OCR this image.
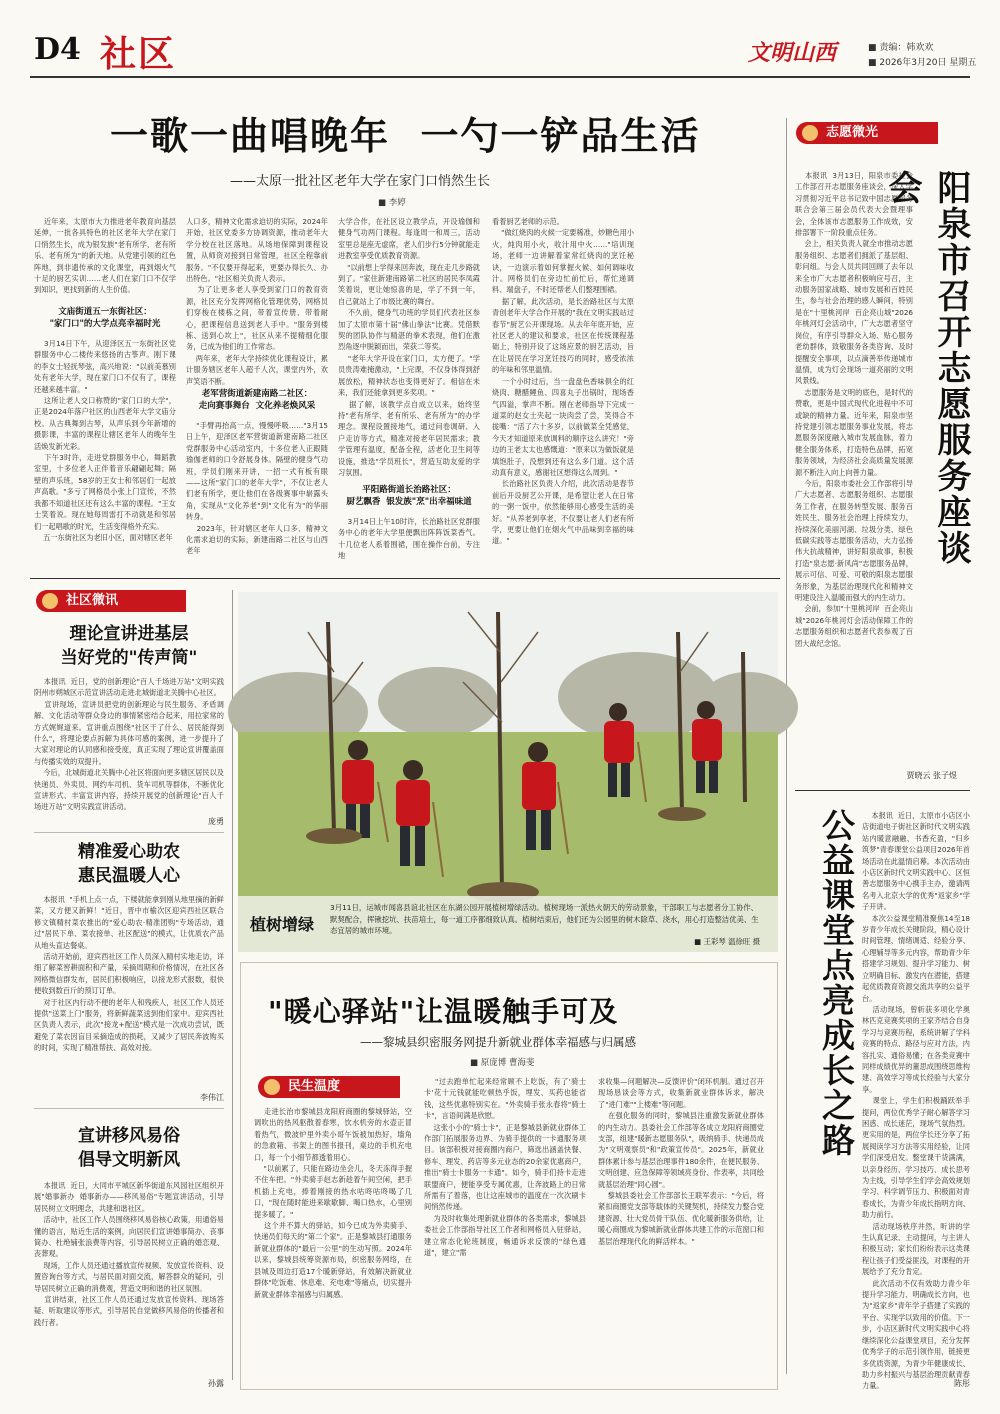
D4 社区	文明山西	■ 责编：韩欢欢
■ 2026年3月20日 星期五
一歌一曲唱晚年  一勺一铲品生活
——太原一批社区老年大学在家门口悄然生长
■ 李婷
近年来，太原市大力推进老年教育向基层延伸，一批各具特色的社区老年大学在家门口悄然生长，成为银发族"老有所学、老有所乐、老有所为"的新天地。从党建引领的红色阵地，到非遗传承的文化课堂，再到烟火气十足的厨艺实训……老人们在家门口不仅学到知识，更找到新的人生价值。
文庙街道五一东街社区：
"家门口"的大学点亮幸福时光
3月14日下午，从迎泽区五一东街社区党群服务中心二楼传来悠扬的古筝声。刚下课的李女士轻抚琴弦，高兴地说："以前美慕别处有老年大学，现在家门口不仅有了，课程还越来越丰富。"
这所让老人交口称赞的"家门口的大学"，正是2024年落户社区的山西老年大学文庙分校。从古典舞到古琴，从声乐到今年新增的摄影课，丰富的课程让辖区老年人的晚年生活焕发新光彩。
下午3时许，走进党群服务中心，舞蹈教室里，十多位老人正伴着音乐翩翩起舞；隔壁的声乐班，58岁的王女士和邻居们一起放声高歌。"多亏了网格员小张上门宣传，不然我都不知道社区还有这么丰富的课程。"王女士笑着说。现在她每周雷打不动就是和邻居们一起唱歌的时光，生活变得格外充实。
五一东街社区为老旧小区，面对辖区老年
人口多，精神文化需求迫切的实际，2024年开始，社区党委多方协调资源，推动老年大学分校在社区落地。从场地保障到课程设置，从师资对接到日常管理，社区全程靠前服务。"不仅要开得起来，更要办得长久、办出特色。"社区相关负责人表示。
为了让更多老人享受到家门口的教育资源，社区充分发挥网格化管理优势，网格员们穿梭在楼栋之间，带着宣传册、带着耐心，把课程信息送到老人手中。"服务到楼栋、送到心坎上"，社区从来不提精细化服务，已成为他们的工作常态。
两年来，老年大学持续优化课程设计，累计服务辖区老年人超千人次，课堂内外，欢声笑语不断。
老军营街道新建南路二社区：
走向赛事舞台  文化养老焕风采
"手臂再抬高一点，慢慢呼吸……"3月15日上午，迎泽区老军营街道新建南路二社区党群服务中心活动室内，十多位老人正跟随瑜伽老师的口令舒展身体。隔壁的健身气功班，学员们刚来开讲，一招一式有板有眼——这所"家门口的老年大学"，不仅让老人们老有所学，更让他们在各级赛事中崭露头角，实现从"文化养老"到"文化有为"的华丽转身。
2023年，针对辖区老年人口多、精神文化需求迫切的实际，新建南路二社区与山西老年
大学合作，在社区设立教学点，开设瑜伽和健身气功两门课程。每逢周一和周三，活动室里总是座无虚席，老人们步行5分钟就能走进教室享受优质教育资源。
"以前想上学得来回奔波，现在走几步路就到了。"家住新建南路第二社区的居民李凤霞笑着说，更让她惊喜的是，学了不到一年，自己就站上了市级比赛的舞台。
不久前，健身气功班的学员们代表社区参加了太原市第十届"佛山拳法"比赛。凭借默契的团队协作与精湛的拳术表现，他们在激烈角逐中脱颖而出，荣获二等奖。
"老年大学开设在家门口，太方便了。"学员贵涛难掩激动，"上完课，不仅身体得到舒展放松，精神状态也变得更好了。相信在未来，我们还能拿到更多奖项。"
据了解，该教学点自成立以来，始终坚持"老有所学、老有所乐、老有所为"的办学理念。课程设置接地气，通过问卷调研、入户走访等方式，精准对接老年居民需求；教学管理有温度，配备全程，活老化卫生间等设施，推选"学员班长"，营造互助友爱的学习氛围。
平阳路街道长治路社区：
厨艺飘香  银发族"烹"出幸福味道
3月14日上午10时许，长治路社区党群服务中心的老年大学里便飘出阵阵饭菜香气。十几位老人系着围裙，围在操作台前，专注地
看着厨艺老师的示范。
"做红烧肉的火候一定要稀准，炒糖色用小火，炖肉用小火，收汁用中火……"培训现场，老师一边讲解着家常红烧肉的烹饪秘诀，一边演示着如何掌握火候、如何调味收汁。网格员们在旁边忙前忙后，帮忙递调料、端盘子，不时还帮老人们整理围裙。
据了解，此次活动，是长治路社区与太原青创老年大学合作开展的"我在文明实践站过春节"厨艺公开课现场。从去年年底开始，应社区老人的建议和要求，社区在传统课程基础上，特别开设了这场应景的厨艺活动，旨在让居民在学习烹饪技巧的同时，感受浓浓的年味和邻里温情。
一个小时过后，当一盘盘色香味俱全的红烧肉、糖醋鲤鱼、四喜丸子出锅时，现场香气四溢，掌声不断。刚在老师指导下完成一道菜的赵女士夹起一块肉尝了尝，笑得合不拢嘴："活了六十多岁，以前做菜全凭感觉，今天才知道原来放调料的顺序这么讲究！"旁边的王老太太也感慨道："原来以为做饭就是填饱肚子，没想到还有这么多门道。这个活动真有意义，感谢社区想得这么周到。"
长治路社区负责人介绍，此次活动是春节前后开设厨艺公开课，是希望让老人在日常的一粥一饭中，依然能够用心感受生活的美好。"从养老到享老，不仅要让老人们老有所学，更要让他们在烟火气中品味到幸福的味道。"
志愿微光
本报讯  3月13日，阳泉市委社会工作部召开志愿服务座谈会，深入学习贯彻习近平总书记致中国志愿服务联合会第三届会员代表大会暨理事会，全体该市志愿服务工作成效，安排部署下一阶段重点任务。
会上，相关负责人就全市推动志愿服务组织、志愿者们拥派了基层组、彰问组。与会人员共同回顾了去年以来全市广大志愿者积极响应号召，主动服务国家战略、城市发展和百姓民生，参与社会治理的感人瞬间，特别是在"十里桃河岸  百企亮山城"2026年桃河灯会活动中，广大志愿者坚守岗位，有序引导群众入场、贴心服务老幼群体，致敬服务各类咨询、及时提醒安全事项，以点滴善举传递城市温情，成为灯会现场一道亮丽的文明风景线。
志愿服务是文明的底色，是时代的赞歌，更是中国式现代化进程中不可或缺的精神力量。近年来，阳泉市坚持党建引领志愿服务事业发展，将志愿服务深度融入城市发展血脉，着力健全服务体系，打造特色品牌，拓宽服务领域，为经济社会高质量发展源源不断注入向上向善力量。
今后，阳泉市委社会工作部将引导广大志愿者、志愿服务组织、志愿服务工作者，在服务转型发展、服务百姓民生、服务社会治理上持续发力，持续深化美丽河湖、垃圾分类、绿色低碳实践等志愿服务活动，大力弘扬伟大抗战精神，讲好阳泉故事，积极打造"泉志愿·新风尚"志愿服务品牌，展示可信、可爱、可敬的阳泉志愿服务形象，为基层治理现代化和精神文明建设注入温暖而强大的内生动力。
会前，参加"十里桃河岸  百企亮山城"2026年桃河灯会活动保障工作的志愿服务组织和志愿者代表参观了百团大战纪念馆。
阳泉市召开志愿服务座谈会
贾晓云 张子煜
公益课堂点亮成长之路	本报讯  近日，太原市小店区小店街道电子街社区新时代文明实践站内暖意融融、书香充盈，"归乡筑梦"青春课堂公益项目2026年首场活动在此温情启幕。本次活动由小店区新时代文明实践中心、区恒善志愿服务中心携手主办，邀请两名考入北京大学的优秀"返家乡"学子开讲。
本次公益课堂精准聚焦14至18岁青少年成长关键阶段，精心设计时间管理、情绪调适、经验分享、心理辅导等多元内容，帮助青少年搭建学习规划、提升学习能力、树立明确目标、激发内在潜能，搭建起优质教育资源交流共享的公益平台。
活动现场，曾斩获多项化学奥林匹克竞赛奖项的王家齐结合自身学习与竞赛历程，系统讲解了学科竞赛的特点、路径与应对方法，内容扎实、通俗易懂；在各类竞赛中同样成绩优异的董思成围绕思维构建、高效学习等成长经验与大家分享。
课堂上，学生们积极踊跃举手提问，两位优秀学子耐心解答学习困惑、成长迷茫，现场气氛热烈。更实用的是，两位学长还分享了拓展阅读学习方法等实用经验，让同学们深受启发。整堂课干货满满，以亲身经历、学习技巧、成长思考为主线，引导学生们学会高效规划学习、科学调节压力、积极面对青春成长，为青少年成长指明方向、助力前行。
活动现场秩序井然，听讲的学生认真记录、主动提问，与主讲人积极互动；家长们纷纷表示这类课程让孩子们受益匪浅，对课程的开展给予了充分肯定。
此次活动不仅有效助力青少年提升学习能力、明确成长方向，也为"返家乡"青年学子搭建了实践的平台、实现学以致用的价值。下一步，小店区新时代文明实践中心将继续深化公益课堂项目，充分发挥优秀学子的示范引领作用，链接更多优质资源，为青少年健康成长、助力乡村振兴与基层治理贡献青春力量。	陈彤
社区微讯
理论宣讲进基层
当好党的"传声筒"
本报讯  近日，党的创新理论"百人千场进万站"文明实践阴州市朔城区示范宣讲活动走进北城街道北关腾中心社区。
宣讲现场，宣讲员把党的创新理论与民生服务、矛盾调解、文化活动等群众身边的事情紧密结合起来，用拉家常的方式娓娓道来。宣讲重点围绕"社区干了什么、居民能得到什么"，将理论要点拆解为具体可感的案例，进一步提升了大家对理论的认同感和接受度，真正实现了理论宣讲覆盖面与传播实效的双提升。
今后，北城街道北关腾中心社区将面向更多辖区居民以及快递员、外卖员、网约车司机、货车司机等群体，不断优化宣讲形式、丰富宣讲内容，持续开展党的创新理论"百人千场进万站"文明实践宣讲活动。
庞勇
精准爱心助农
惠民温暖人心
本报讯  "手机上点一点，下楼就能拿到刚从地里摘的新鲜菜，又方便又新鲜！"近日，晋中市榆次区迎宾西社区联合修文镇精村菜农推出的"爱心助农·精准团购"专场活动，通过"居民下单、菜农接单、社区配送"的模式，让优质农产品从地头直达餐桌。
活动开始前，迎宾西社区工作人员深入精村实地走访，详细了解菜窖耕面积和产量，采摘周期和价格情况，在社区各网格微信群发布，居民们积极响应，以接龙形式报数，很快便收到数百斤的预订订单。
对于社区内行动不便的老年人和残疾人，社区工作人员还提供"送菜上门"服务，将新鲜蔬菜送到他们家中。迎宾西社区负责人表示，此次"接龙+配送"模式是一次成功尝试，既避免了菜农因盲目采摘造成的损耗，又减少了居民奔波购买的时间，实现了精准帮扶、高效对接。
李伟江
宣讲移风易俗
倡导文明新风
本报讯  近日，大同市平城区新华街道东风园社区组织开展"婚事新办  婚事新办——移风易俗"专题宣讲活动，引导居民树立文明理念，共建和谐社区。
活动中，社区工作人员围绕移风易俗核心政策，用通俗易懂的语言，贴近生活的案例，向居民们宣讲婚事简办、丧事简办、杜绝铺张浪费等内容，引导居民树立正确的婚恋观、丧葬观。
现场，工作人员还通过播放宣传视频、发放宣传资料、设置咨询台等方式，与居民面对面交流，解答群众的疑问，引导居民树立正确的消费观，营造文明和谐的社区氛围。
宣讲结束，社区工作人员还通过发放宣传资料、现场答疑、听取建议等形式，引导居民自觉做移风易俗的传播者和践行者。
孙露
植树增绿
3月11日，运城市闻喜县谊北社区在东湖公园开展植树增绿活动。植树现场一派热火朝天的劳动景象，干部职工与志愿者分工协作、默契配合，挥锹挖坑、扶苗培土，每一道工序都细致认真。植树结束后，他们还为公园里的树木除草、浇水，用心打造整洁优美、生态宜居的城市环境。
■ 王彩琴 温徐旺 摄
"暖心驿站"让温暖触手可及
——黎城县织密服务网提升新就业群体幸福感与归属感
■ 原庞博 曹海斐
民生温度
走进长治市黎城县龙阳府商圈的黎城驿站，空调吹出的热风驱散着春寒，饮水机旁的水壶正冒着热气，微波炉里外卖小哥午饭被加热好，墙角的急救箱、书架上的图书报刊，桌边的手机充电口，每一个小细节都透着用心。
"以前累了，只能在路边坐会儿，冬天冻得手握不住车把。"外卖骑手赵志新趁着午间空闲，把手机插上充电，捧着刚接的热水咕咚咕咚喝了几口，"现在随时能进来歇歇脚、喝口热水，心里别提多暖了。"
这个并不算大的驿站，如今已成为外卖骑手、快递员们每天的"第二个家"。正是黎城县打通服务新就业群体的"最后一公里"的生动写照。2024年以来，黎城县统筹资源布局，织密服务网络，在县城及周边打造17个暖新驿站，有效解决新就业群体"吃饭难、休息难、充电难"等痛点，切实提升新就业群体幸福感与归属感。
"过去跑单忙起来经常顾不上吃饭，有了'骑士卡'花十元钱就能吃顿热乎饭，埋发、买药也能省钱，这些优惠特别实在。"外卖骑手张永春将"骑士卡"，言语间满是欣慰。
这张小小的"骑士卡"，正是黎城县新就业群体工作部门拓展服务边界、为骑手提供的一卡通服务项目。该部积极对接商圈内商户，筛选出涵盖快餐、修车、理发、药店等多元业态的20余家优惠商户，推出"骑士卡服务一卡通"。如今，骑手们持卡走进联盟商户，便能享受专属优惠，让奔波路上的日常所需有了着落，也让这座城市的温度在一次次刷卡间悄然传递。
为及时收集处理新就业群体的各类需求，黎城县委社会工作部指导社区工作者和网格员入驻驿站，建立常态化轮班制度，畅通诉求反馈的"绿色通道"，建立"需
求收集—问题解决—反馈评价"闭环机制。通过召开现场恳谈会等方式，收集新就业群体诉求，解决了"进门难""上楼难"等问题。
在强化服务的同时，黎城县注重激发新就业群体的内生动力。县委社会工作部等各成立龙阳府商圈党支部，组建"暖新志愿服务队"，吸纳骑手、快递员成为"文明观察员"和"政策宣传员"。2025年，新就业群体累计参与基层治理事件180余件，在便民服务、文明创建、应急保障等领域亮身份、作表率，共同绘就基层治理"同心圆"。
黎城县委社会工作部部长王联军表示："今后，将紧扣商圈党支部等载体的关键契机，持续发力整合党建资源、壮大党员骨干队伍、优化暖新服务供给，让暖心商圈成为黎城新就业群体共建工作的示范窗口和基层治理现代化的鲜活样本。"
